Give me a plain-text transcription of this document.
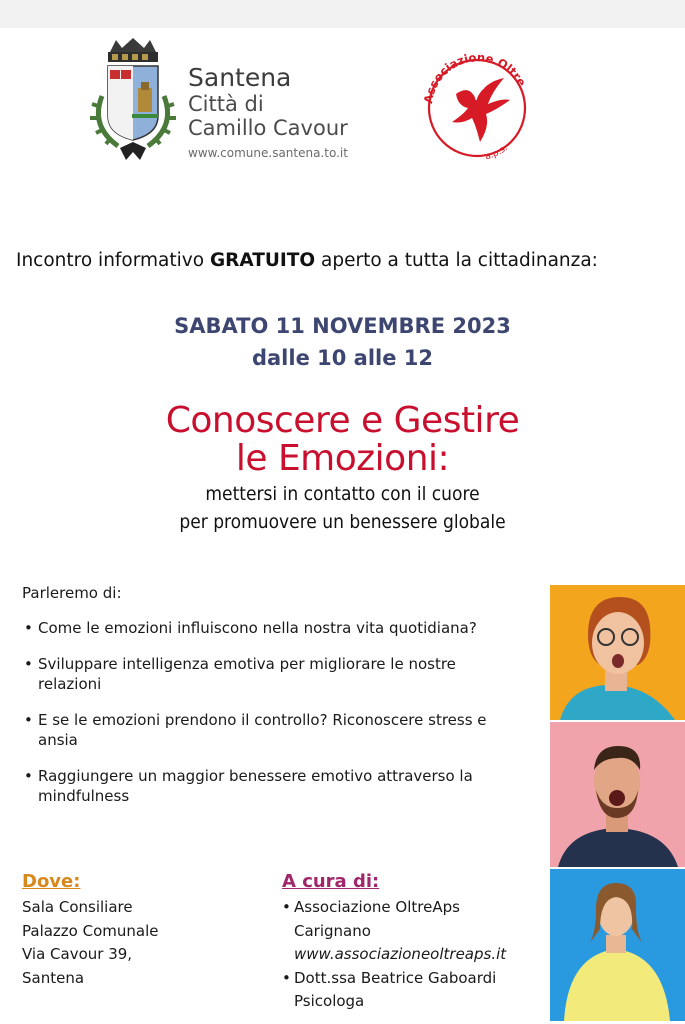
Santena
Città di
Camillo Cavour
www.comune.santena.to.it
Associazione Oltre
a.p.s.
Incontro informativo GRATUITO aperto a tutta la cittadinanza:
SABATO 11 NOVEMBRE 2023
dalle 10 alle 12
Conoscere e Gestire
le Emozioni:
mettersi in contatto con il cuore
per promuovere un benessere globale
Parleremo di:
• Come le emozioni influiscono nella nostra vita quotidiana?
• Sviluppare intelligenza emotiva per migliorare le nostre relazioni
• E se le emozioni prendono il controllo? Riconoscere stress e ansia
• Raggiungere un maggior benessere emotivo attraverso la mindfulness
Dove:
Sala Consiliare
Palazzo Comunale
Via Cavour 39,
Santena
A cura di:
• Associazione OltreAps Carignano
www.associazioneoltreaps.it
• Dott.ssa Beatrice Gaboardi
Psicologa
